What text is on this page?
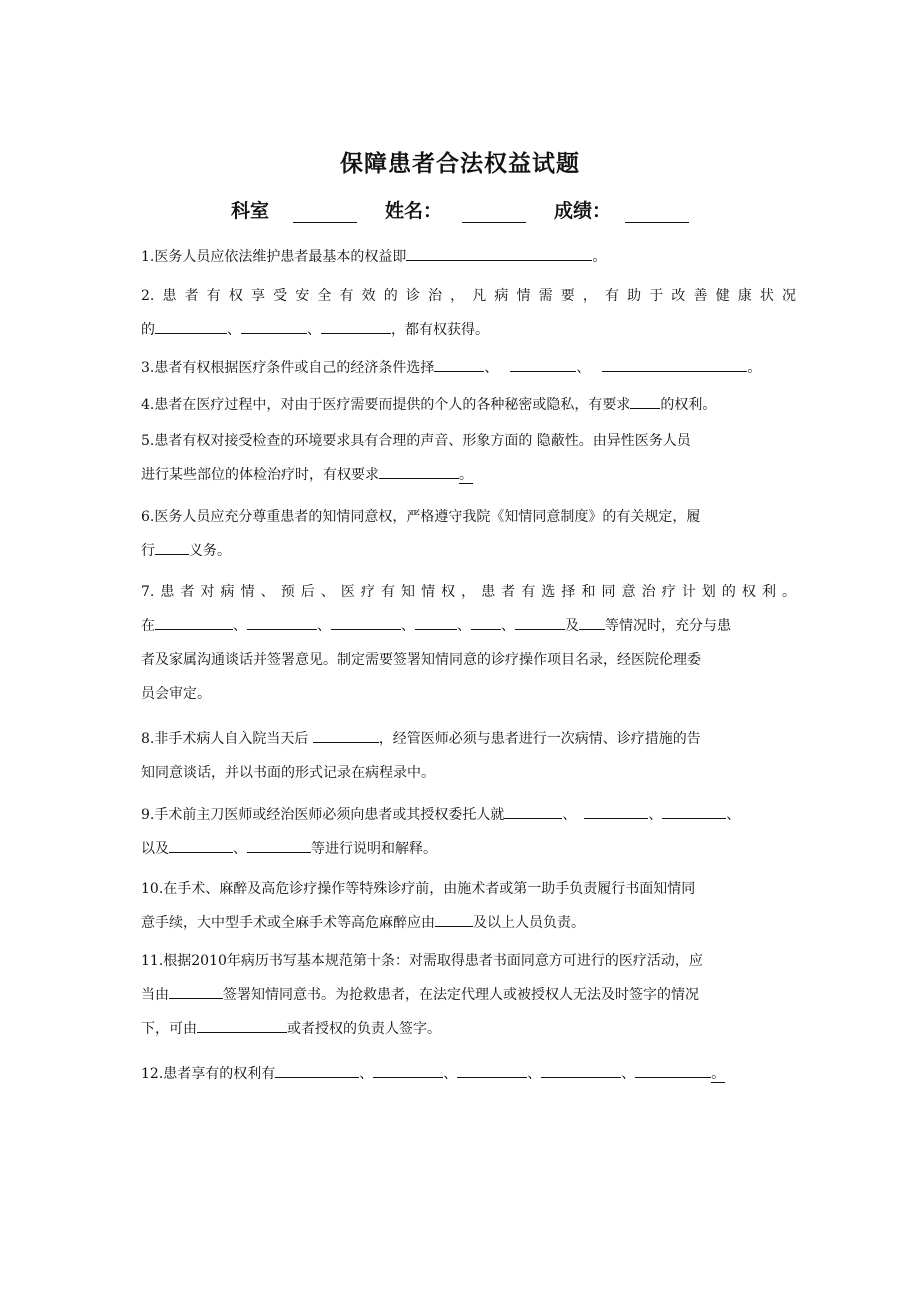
保障患者合法权益试题
科室	姓名：	成绩：
1.医务人员应依法维护患者最基本的权益即	。
2.患者有权享受安全有效的诊治，凡病情需要，有助于改善健康状况
的	、	、	，都有权获得。
3.患者有权根据医疗条件或自己的经济条件选择	、	、	。
4.患者在医疗过程中，对由于医疗需要而提供的个人的各种秘密或隐私，有要求 的权利。
5.患者有权对接受检查的环境要求具有合理的声音、形象方面的 隐蔽性。由异性医务人员
进行某些部位的体检治疗时，有权要求	。
6.医务人员应充分尊重患者的知情同意权，严格遵守我院《知情同意制度》的有关规定，履
行 义务。
7.患者对病情、预后、医疗有知情权，患者有选择和同意治疗计划的权利。
在	、	、	、	、 、	及 等情况时，充分与患
者及家属沟通谈话并签署意见。制定需要签署知情同意的诊疗操作项目名录，经医院伦理委
员会审定。
8.非手术病人自入院当天后	，经管医师必须与患者进行一次病情、诊疗措施的告
知同意谈话，并以书面的形式记录在病程录中。
9.手术前主刀医师或经治医师必须向患者或其授权委托人就	、	、	、
以及	、	等进行说明和解释。
10.在手术、麻醉及高危诊疗操作等特殊诊疗前，由施术者或第一助手负责履行书面知情同
意手续，大中型手术或全麻手术等高危麻醉应由	及以上人员负责。
11.根据2010年病历书写基本规范第十条：对需取得患者书面同意方可进行的医疗活动，应
当由	签署知情同意书。为抢救患者，在法定代理人或被授权人无法及时签字的情况
下，可由	或者授权的负责人签字。
12.患者享有的权利有	、	、	、	、	。
